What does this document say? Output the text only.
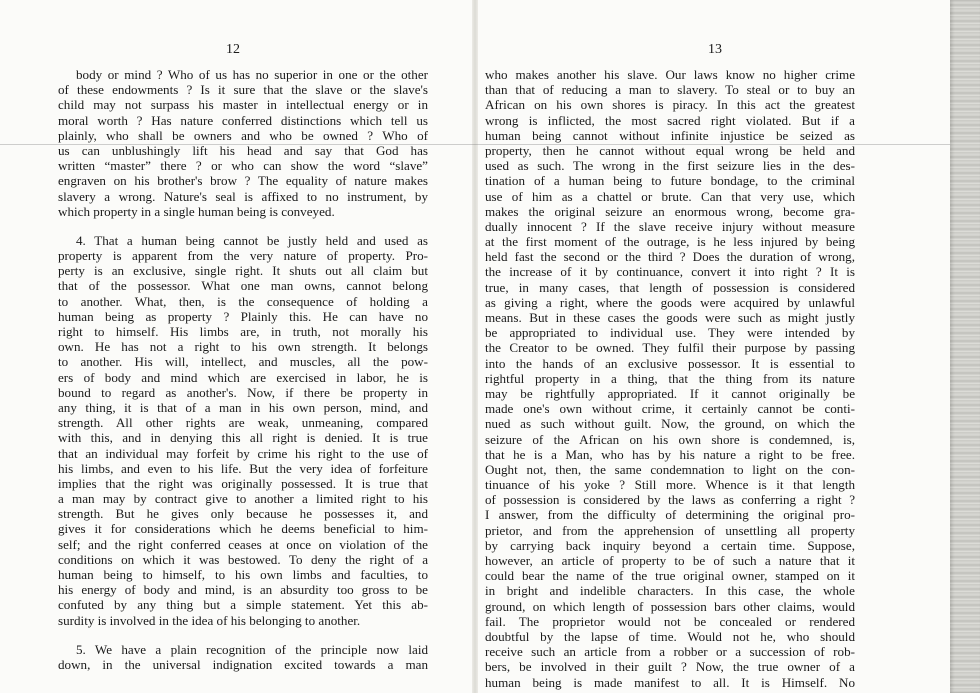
12
body or mind ? Who of us has no superior in one or the other
of these endowments ? Is it sure that the slave or the slave's
child may not surpass his master in intellectual energy or in
moral worth ? Has nature conferred distinctions which tell us
plainly, who shall be owners and who be owned ? Who of
us can unblushingly lift his head and say that God has
written “master” there ? or who can show the word “slave”
engraven on his brother's brow ? The equality of nature makes
slavery a wrong. Nature's seal is affixed to no instrument, by
which property in a single human being is conveyed.
4. That a human being cannot be justly held and used as
property is apparent from the very nature of property. Pro-
perty is an exclusive, single right. It shuts out all claim but
that of the possessor. What one man owns, cannot belong
to another. What, then, is the consequence of holding a
human being as property ? Plainly this. He can have no
right to himself. His limbs are, in truth, not morally his
own. He has not a right to his own strength. It belongs
to another. His will, intellect, and muscles, all the pow-
ers of body and mind which are exercised in labor, he is
bound to regard as another's. Now, if there be property in
any thing, it is that of a man in his own person, mind, and
strength. All other rights are weak, unmeaning, compared
with this, and in denying this all right is denied. It is true
that an individual may forfeit by crime his right to the use of
his limbs, and even to his life. But the very idea of forfeiture
implies that the right was originally possessed. It is true that
a man may by contract give to another a limited right to his
strength. But he gives only because he possesses it, and
gives it for considerations which he deems beneficial to him-
self; and the right conferred ceases at once on violation of the
conditions on which it was bestowed. To deny the right of a
human being to himself, to his own limbs and faculties, to
his energy of body and mind, is an absurdity too gross to be
confuted by any thing but a simple statement. Yet this ab-
surdity is involved in the idea of his belonging to another.
5. We have a plain recognition of the principle now laid
down, in the universal indignation excited towards a man
13
who makes another his slave. Our laws know no higher crime
than that of reducing a man to slavery. To steal or to buy an
African on his own shores is piracy. In this act the greatest
wrong is inflicted, the most sacred right violated. But if a
human being cannot without infinite injustice be seized as
property, then he cannot without equal wrong be held and
used as such. The wrong in the first seizure lies in the des-
tination of a human being to future bondage, to the criminal
use of him as a chattel or brute. Can that very use, which
makes the original seizure an enormous wrong, become gra-
dually innocent ? If the slave receive injury without measure
at the first moment of the outrage, is he less injured by being
held fast the second or the third ? Does the duration of wrong,
the increase of it by continuance, convert it into right ? It is
true, in many cases, that length of possession is considered
as giving a right, where the goods were acquired by unlawful
means. But in these cases the goods were such as might justly
be appropriated to individual use. They were intended by
the Creator to be owned. They fulfil their purpose by passing
into the hands of an exclusive possessor. It is essential to
rightful property in a thing, that the thing from its nature
may be rightfully appropriated. If it cannot originally be
made one's own without crime, it certainly cannot be conti-
nued as such without guilt. Now, the ground, on which the
seizure of the African on his own shore is condemned, is,
that he is a Man, who has by his nature a right to be free.
Ought not, then, the same condemnation to light on the con-
tinuance of his yoke ? Still more. Whence is it that length
of possession is considered by the laws as conferring a right ?
I answer, from the difficulty of determining the original pro-
prietor, and from the apprehension of unsettling all property
by carrying back inquiry beyond a certain time. Suppose,
however, an article of property to be of such a nature that it
could bear the name of the true original owner, stamped on it
in bright and indelible characters. In this case, the whole
ground, on which length of possession bars other claims, would
fail. The proprietor would not be concealed or rendered
doubtful by the lapse of time. Would not he, who should
receive such an article from a robber or a succession of rob-
bers, be involved in their guilt ? Now, the true owner of a
human being is made manifest to all. It is Himself. No
